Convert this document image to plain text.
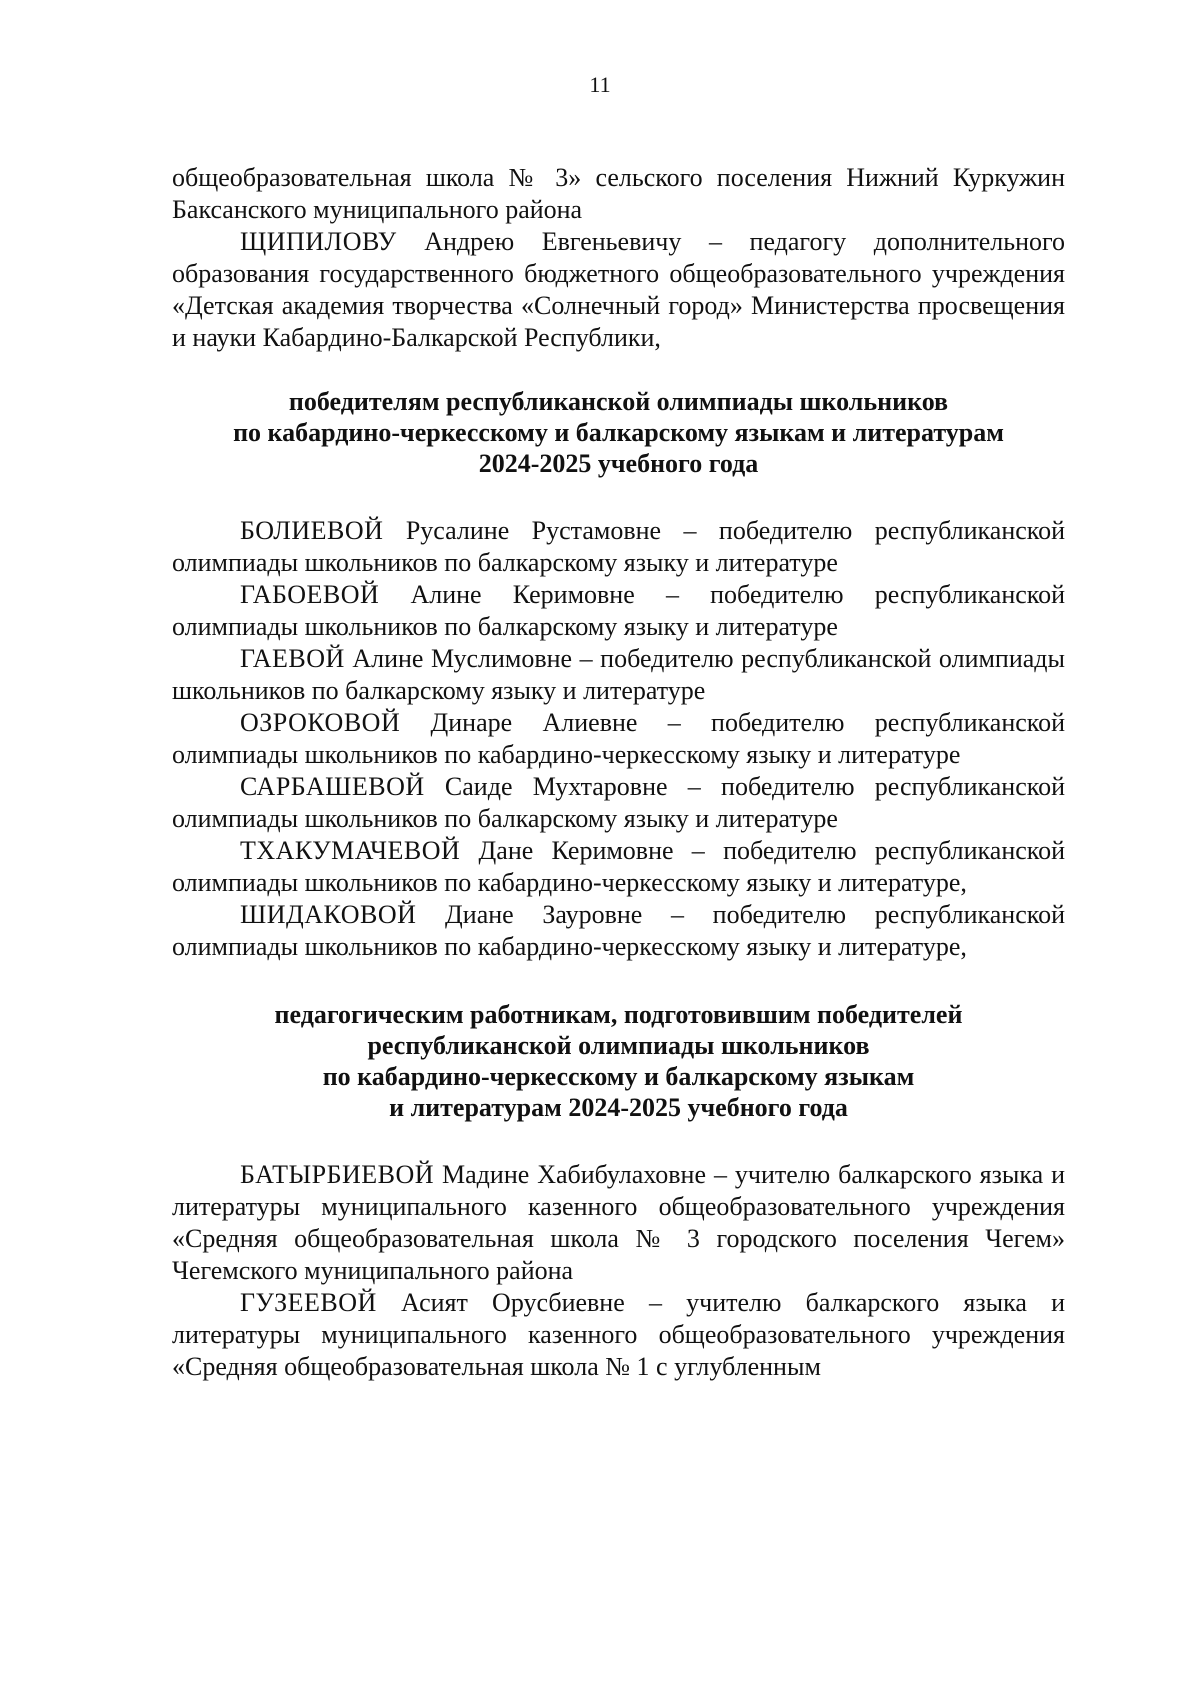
11

общеобразовательная школа № 3» сельского поселения Нижний Куркужин Баксанского муниципального района

ЩИПИЛОВУ Андрею Евгеньевичу – педагогу дополнительного образования государственного бюджетного общеобразовательного учреждения «Детская академия творчества «Солнечный город» Министерства просвещения и науки Кабардино-Балкарской Республики,

победителям республиканской олимпиады школьников
по кабардино-черкесскому и балкарскому языкам и литературам
2024-2025 учебного года

БОЛИЕВОЙ Русалине Рустамовне – победителю республиканской олимпиады школьников по балкарскому языку и литературе

ГАБОЕВОЙ Алине Керимовне – победителю республиканской олимпиады школьников по балкарскому языку и литературе

ГАЕВОЙ Алине Муслимовне – победителю республиканской олимпиады школьников по балкарскому языку и литературе

ОЗРОКОВОЙ Динаре Алиевне – победителю республиканской олимпиады школьников по кабардино-черкесскому языку и литературе

САРБАШЕВОЙ Саиде Мухтаровне – победителю республиканской олимпиады школьников по балкарскому языку и литературе

ТХАКУМАЧЕВОЙ Дане Керимовне – победителю республиканской олимпиады школьников по кабардино-черкесскому языку и литературе,

ШИДАКОВОЙ Диане Зауровне – победителю республиканской олимпиады школьников по кабардино-черкесскому языку и литературе,

педагогическим работникам, подготовившим победителей
республиканской олимпиады школьников
по кабардино-черкесскому и балкарскому языкам
и литературам 2024-2025 учебного года

БАТЫРБИЕВОЙ Мадине Хабибулаховне – учителю балкарского языка и литературы муниципального казенного общеобразовательного учреждения «Средняя общеобразовательная школа № 3 городского поселения Чегем» Чегемского муниципального района

ГУЗЕЕВОЙ Асият Орусбиевне – учителю балкарского языка и литературы муниципального казенного общеобразовательного учреждения «Средняя общеобразовательная школа № 1 с углубленным
